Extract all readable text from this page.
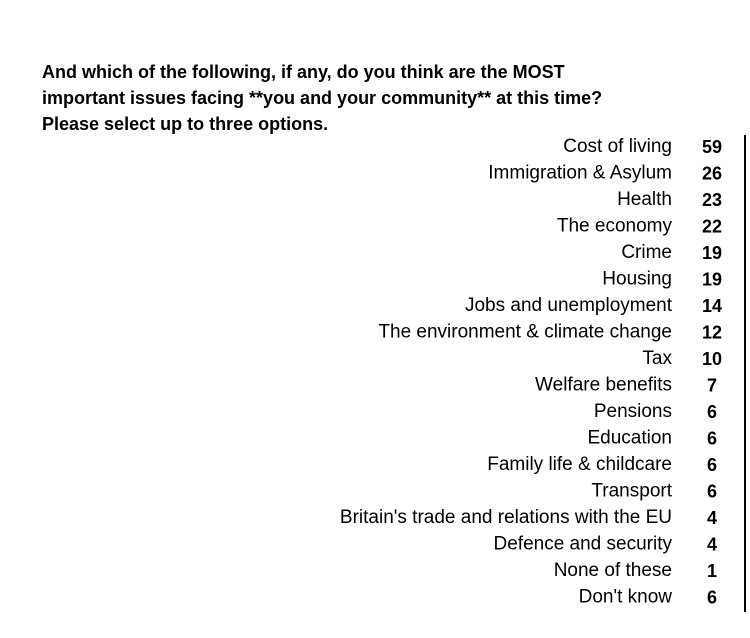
And which of the following, if any, do you think are the MOST
important issues facing **you and your community** at this time?
Please select up to three options.
Cost of living 59
Immigration & Asylum 26
Health 23
The economy 22
Crime 19
Housing 19
Jobs and unemployment 14
The environment & climate change 12
Tax 10
Welfare benefits 7
Pensions 6
Education 6
Family life & childcare 6
Transport 6
Britain's trade and relations with the EU 4
Defence and security 4
None of these 1
Don't know 6
